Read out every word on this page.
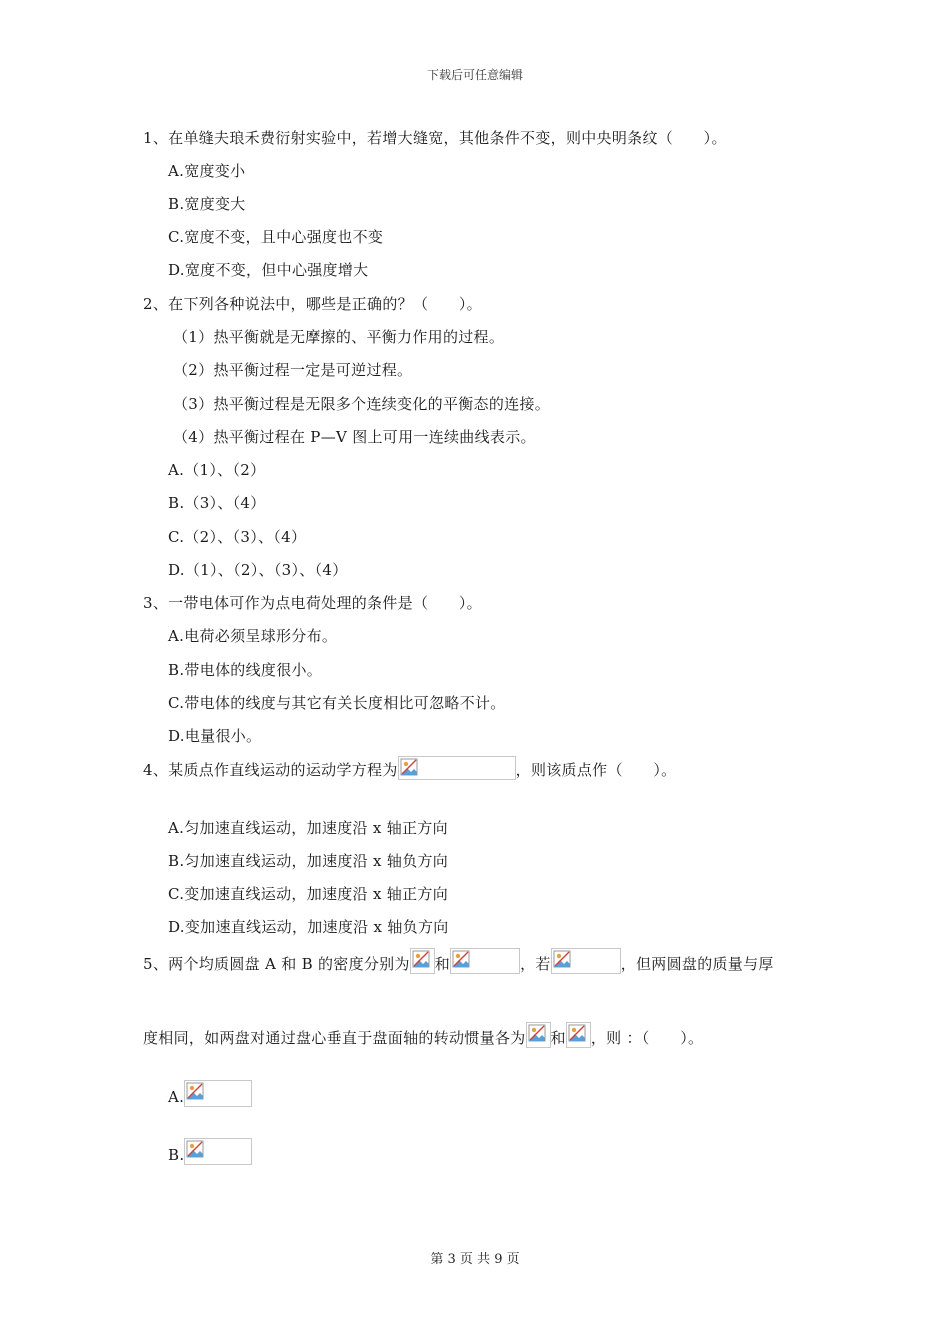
下载后可任意编辑
1、在单缝夫琅禾费衍射实验中，若增大缝宽，其他条件不变，则中央明条纹（　　）。
A.宽度变小
B.宽度变大
C.宽度不变，且中心强度也不变
D.宽度不变，但中心强度增大
2、在下列各种说法中，哪些是正确的？（　　）。
（1）热平衡就是无摩擦的、平衡力作用的过程。
（2）热平衡过程一定是可逆过程。
（3）热平衡过程是无限多个连续变化的平衡态的连接。
（4）热平衡过程在 P—V 图上可用一连续曲线表示。
A.（1）、（2）
B.（3）、（4）
C.（2）、（3）、（4）
D.（1）、（2）、（3）、（4）
3、一带电体可作为点电荷处理的条件是（　　）。
A.电荷必须呈球形分布。
B.带电体的线度很小。
C.带电体的线度与其它有关长度相比可忽略不计。
D.电量很小。
4、某质点作直线运动的运动学方程为	，则该质点作（　　）。
A.匀加速直线运动，加速度沿 x 轴正方向
B.匀加速直线运动，加速度沿 x 轴负方向
C.变加速直线运动，加速度沿 x 轴正方向
D.变加速直线运动，加速度沿 x 轴负方向
5、两个均质圆盘 A 和 B 的密度分别为 和	，若	，但两圆盘的质量与厚
度相同，如两盘对通过盘心垂直于盘面轴的转动惯量各为 和 ，则 ：（　　）。
A.
B.
第 3 页 共 9 页
